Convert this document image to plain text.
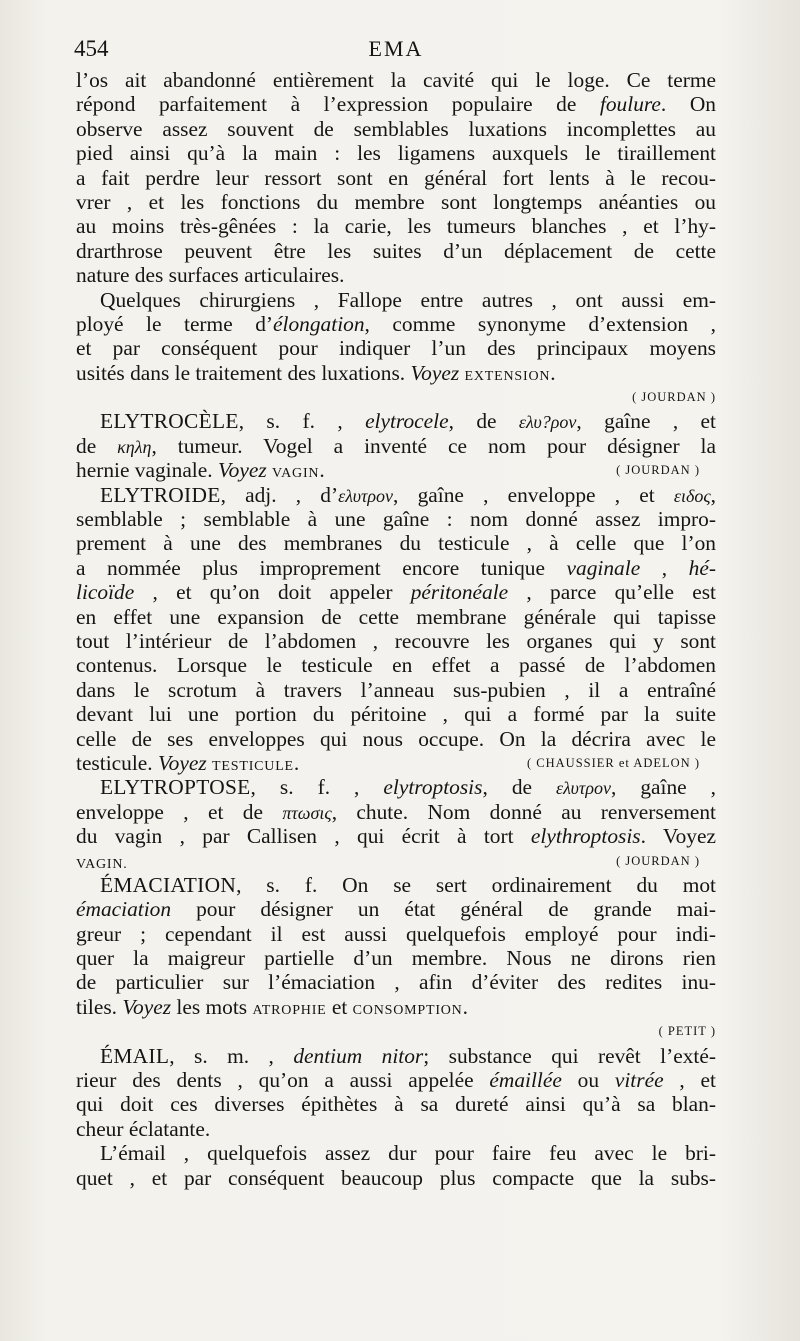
454	EMA
l’os ait abandonné entièrement la cavité qui le loge. Ce terme
répond parfaitement à l’expression populaire de foulure. On
observe assez souvent de semblables luxations incomplettes au
pied ainsi qu’à la main : les ligamens auxquels le tiraillement
a fait perdre leur ressort sont en général fort lents à le recou-
vrer , et les fonctions du membre sont longtemps anéanties ou
au moins très-gênées : la carie, les tumeurs blanches , et l’hy-
drarthrose peuvent être les suites d’un déplacement de cette
nature des surfaces articulaires.
Quelques chirurgiens , Fallope entre autres , ont aussi em-
ployé le terme d’élongation, comme synonyme d’extension ,
et par conséquent pour indiquer l’un des principaux moyens
usités dans le traitement des luxations. Voyez EXTENSION.
( JOURDAN )
ELYTROCÈLE, s. f. , elytrocele, de ελυ?ρον, gaîne , et
de κηλη, tumeur. Vogel a inventé ce nom pour désigner la
hernie vaginale. Voyez VAGIN.	( JOURDAN )
ELYTROIDE, adj. , d’ελυτρον, gaîne , enveloppe , et ειδος,
semblable ; semblable à une gaîne : nom donné assez impro-
prement à une des membranes du testicule , à celle que l’on
a nommée plus improprement encore tunique vaginale , hé-
licoïde , et qu’on doit appeler péritonéale , parce qu’elle est
en effet une expansion de cette membrane générale qui tapisse
tout l’intérieur de l’abdomen , recouvre les organes qui y sont
contenus. Lorsque le testicule en effet a passé de l’abdomen
dans le scrotum à travers l’anneau sus-pubien , il a entraîné
devant lui une portion du péritoine , qui a formé par la suite
celle de ses enveloppes qui nous occupe. On la décrira avec le
testicule. Voyez TESTICULE.	( CHAUSSIER et ADELON )
ELYTROPTOSE, s. f. , elytroptosis, de ελυτρον, gaîne ,
enveloppe , et de πτωσις, chute. Nom donné au renversement
du vagin , par Callisen , qui écrit à tort elythroptosis. Voyez
VAGIN.	( JOURDAN )
ÉMACIATION, s. f. On se sert ordinairement du mot
émaciation pour désigner un état général de grande mai-
greur ; cependant il est aussi quelquefois employé pour indi-
quer la maigreur partielle d’un membre. Nous ne dirons rien
de particulier sur l’émaciation , afin d’éviter des redites inu-
tiles. Voyez les mots ATROPHIE et CONSOMPTION.
( PETIT )
ÉMAIL, s. m. , dentium nitor; substance qui revêt l’exté-
rieur des dents , qu’on a aussi appelée émaillée ou vitrée , et
qui doit ces diverses épithètes à sa dureté ainsi qu’à sa blan-
cheur éclatante.
L’émail , quelquefois assez dur pour faire feu avec le bri-
quet , et par conséquent beaucoup plus compacte que la subs-
